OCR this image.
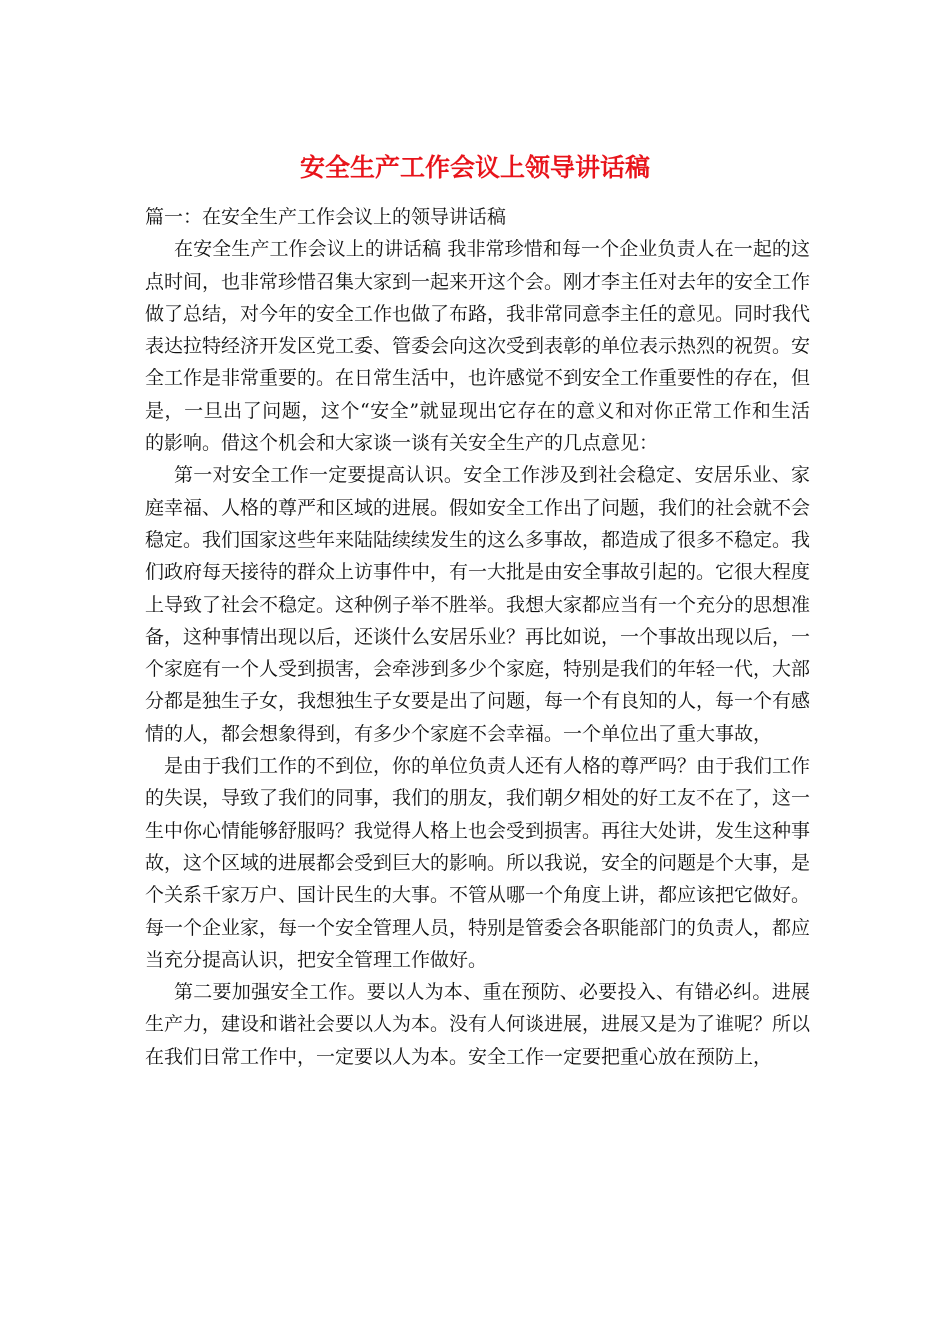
安全生产工作会议上领导讲话稿

篇一：在安全生产工作会议上的领导讲话稿

在安全生产工作会议上的讲话稿 我非常珍惜和每一个企业负责人在一起的这点时间，也非常珍惜召集大家到一起来开这个会。刚才李主任对去年的安全工作做了总结，对今年的安全工作也做了布路，我非常同意李主任的意见。同时我代表达拉特经济开发区党工委、管委会向这次受到表彰的单位表示热烈的祝贺。安全工作是非常重要的。在日常生活中，也许感觉不到安全工作重要性的存在，但是，一旦出了问题，这个“安全”就显现出它存在的意义和对你正常工作和生活的影响。借这个机会和大家谈一谈有关安全生产的几点意见：

第一对安全工作一定要提高认识。安全工作涉及到社会稳定、安居乐业、家庭幸福、人格的尊严和区域的进展。假如安全工作出了问题，我们的社会就不会稳定。我们国家这些年来陆陆续续发生的这么多事故，都造成了很多不稳定。我们政府每天接待的群众上访事件中，有一大批是由安全事故引起的。它很大程度上导致了社会不稳定。这种例子举不胜举。我想大家都应当有一个充分的思想准备，这种事情出现以后，还谈什么安居乐业？再比如说，一个事故出现以后，一个家庭有一个人受到损害，会牵涉到多少个家庭，特别是我们的年轻一代，大部分都是独生子女，我想独生子女要是出了问题，每一个有良知的人，每一个有感情的人，都会想象得到，有多少个家庭不会幸福。一个单位出了重大事故，

是由于我们工作的不到位，你的单位负责人还有人格的尊严吗？由于我们工作的失误，导致了我们的同事，我们的朋友，我们朝夕相处的好工友不在了，这一生中你心情能够舒服吗？我觉得人格上也会受到损害。再往大处讲，发生这种事故，这个区域的进展都会受到巨大的影响。所以我说，安全的问题是个大事，是个关系千家万户、国计民生的大事。不管从哪一个角度上讲，都应该把它做好。每一个企业家，每一个安全管理人员，特别是管委会各职能部门的负责人，都应当充分提高认识，把安全管理工作做好。

第二要加强安全工作。要以人为本、重在预防、必要投入、有错必纠。进展生产力，建设和谐社会要以人为本。没有人何谈进展，进展又是为了谁呢？所以在我们日常工作中，一定要以人为本。安全工作一定要把重心放在预防上，
